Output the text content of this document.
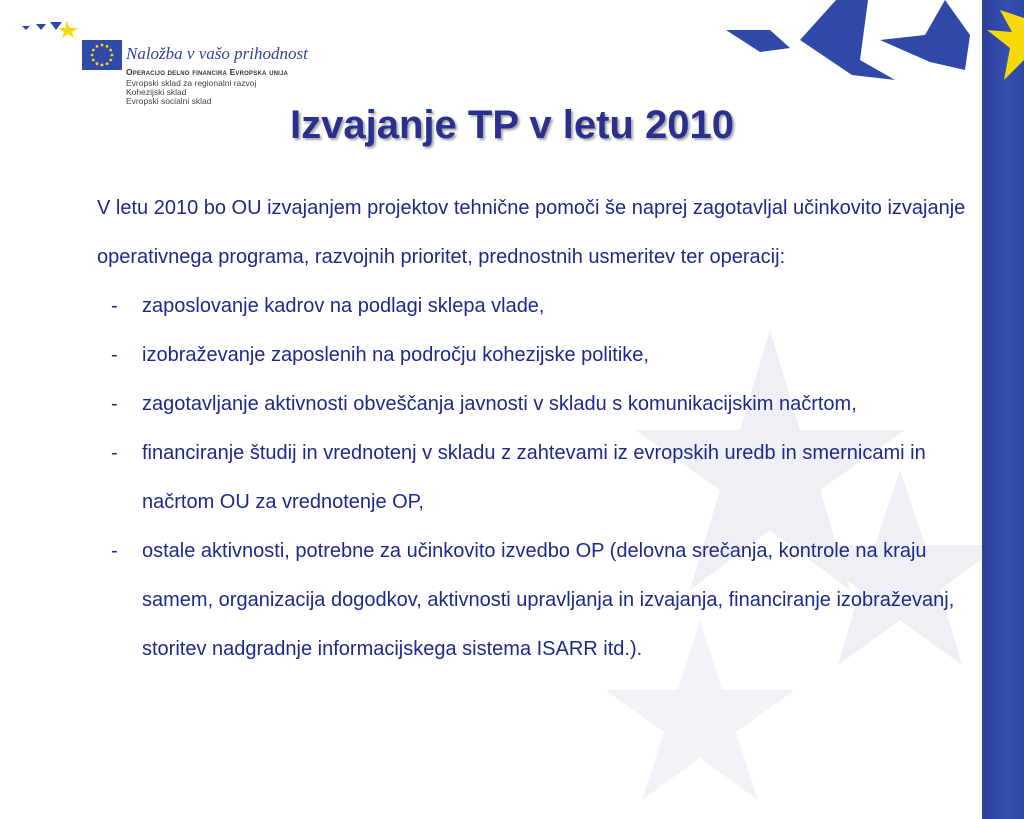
Naložba v vašo prihodnost
Operacijo delno financira Evropska unija
Evropski sklad za regionalni razvoj
Kohezijski sklad
Evropski socialni sklad
Izvajanje TP v letu 2010

V letu 2010 bo OU izvajanjem projektov tehnične pomoči še naprej zagotavljal učinkovito izvajanje operativnega programa, razvojnih prioritet, prednostnih usmeritev ter operacij:

- zaposlovanje kadrov na podlagi sklepa vlade,
- izobraževanje zaposlenih na področju kohezijske politike,
- zagotavljanje aktivnosti obveščanja javnosti v skladu s komunikacijskim načrtom,
- financiranje študij in vrednotenj v skladu z zahtevami iz evropskih uredb in smernicami in načrtom OU za vrednotenje OP,
- ostale aktivnosti, potrebne za učinkovito izvedbo OP (delovna srečanja, kontrole na kraju samem, organizacija dogodkov, aktivnosti upravljanja in izvajanja, financiranje izobraževanj, storitev nadgradnje informacijskega sistema ISARR itd.).
